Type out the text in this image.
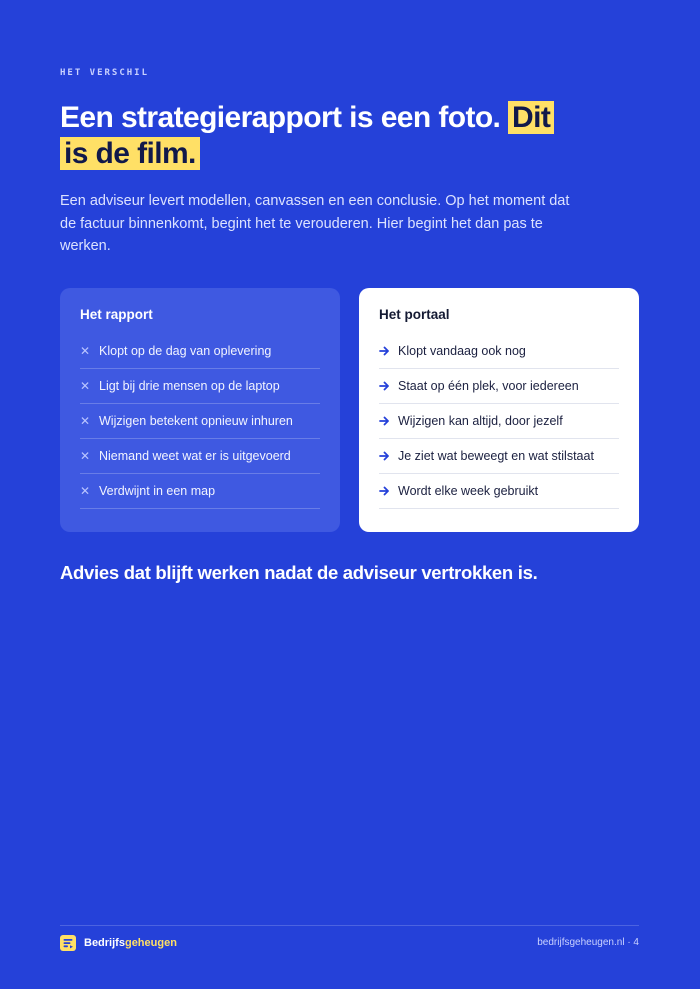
HET VERSCHIL

Een strategierapport is een foto. Dit
is de film.

Een adviseur levert modellen, canvassen en een conclusie. Op het moment dat de factuur binnenkomt, begint het te verouderen. Hier begint het dan pas te werken.

Het rapport
✕ Klopt op de dag van oplevering
✕ Ligt bij drie mensen op de laptop
✕ Wijzigen betekent opnieuw inhuren
✕ Niemand weet wat er is uitgevoerd
✕ Verdwijnt in een map
Het portaal
Klopt vandaag ook nog
Staat op één plek, voor iedereen
Wijzigen kan altijd, door jezelf
Je ziet wat beweegt en wat stilstaat
Wordt elke week gebruikt

Advies dat blijft werken nadat de adviseur vertrokken is.

Bedrijfsgeheugen	bedrijfsgeheugen.nl · 4
